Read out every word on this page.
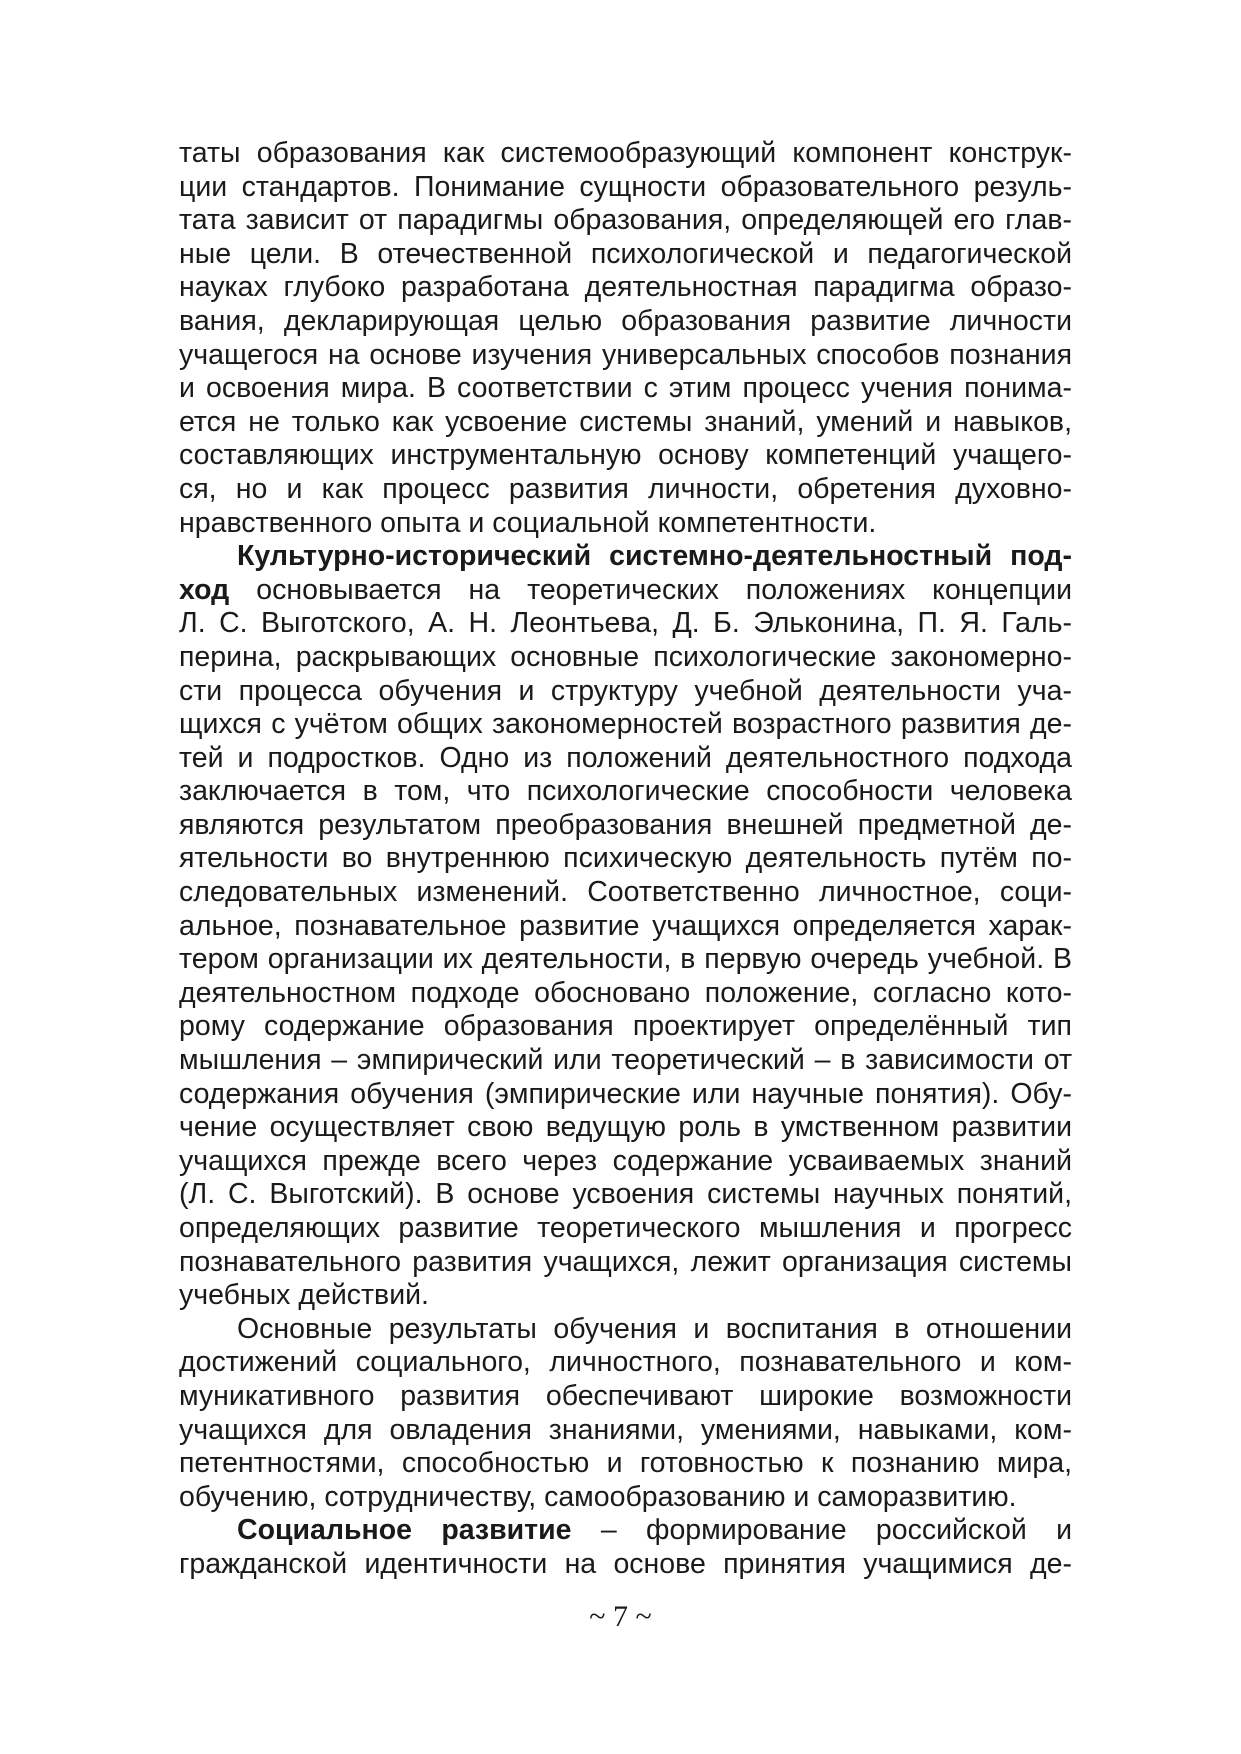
таты образования как системообразующий компонент конструк-
ции стандартов. Понимание сущности образовательного резуль-
тата зависит от парадигмы образования, определяющей его глав-
ные цели. В отечественной психологической и педагогической
науках глубоко разработана деятельностная парадигма образо-
вания, декларирующая целью образования развитие личности
учащегося на основе изучения универсальных способов познания
и освоения мира. В соответствии с этим процесс учения понима-
ется не только как усвоение системы знаний, умений и навыков,
составляющих инструментальную основу компетенций учащего-
ся, но и как процесс развития личности, обретения духовно-
нравственного опыта и социальной компетентности.
Культурно-исторический системно-деятельностный под-
ход основывается на теоретических положениях концепции
Л. С. Выготского, А. Н. Леонтьева, Д. Б. Эльконина, П. Я. Галь-
перина, раскрывающих основные психологические закономерно-
сти процесса обучения и структуру учебной деятельности уча-
щихся с учётом общих закономерностей возрастного развития де-
тей и подростков. Одно из положений деятельностного подхода
заключается в том, что психологические способности человека
являются результатом преобразования внешней предметной де-
ятельности во внутреннюю психическую деятельность путём по-
следовательных изменений. Соответственно личностное, соци-
альное, познавательное развитие учащихся определяется харак-
тером организации их деятельности, в первую очередь учебной. В
деятельностном подходе обосновано положение, согласно кото-
рому содержание образования проектирует определённый тип
мышления – эмпирический или теоретический – в зависимости от
содержания обучения (эмпирические или научные понятия). Обу-
чение осуществляет свою ведущую роль в умственном развитии
учащихся прежде всего через содержание усваиваемых знаний
(Л. С. Выготский). В основе усвоения системы научных понятий,
определяющих развитие теоретического мышления и прогресс
познавательного развития учащихся, лежит организация системы
учебных действий.
Основные результаты обучения и воспитания в отношении
достижений социального, личностного, познавательного и ком-
муникативного развития обеспечивают широкие возможности
учащихся для овладения знаниями, умениями, навыками, ком-
петентностями, способностью и готовностью к познанию мира,
обучению, сотрудничеству, самообразованию и саморазвитию.
Социальное развитие – формирование российской и
гражданской идентичности на основе принятия учащимися де-
~ 7 ~
